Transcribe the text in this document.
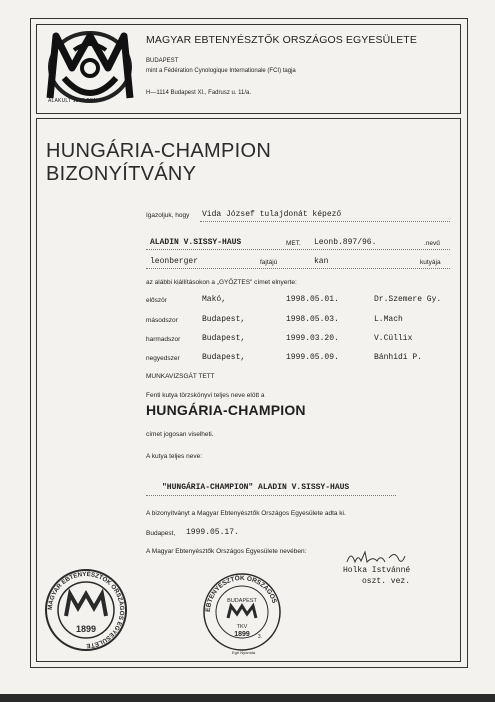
ALAKULT 1899-BEN
MAGYAR EBTENYÉSZTŐK ORSZÁGOS EGYESÜLETE
BUDAPEST
mint a Fédération Cynologique Internationale (FCI) tagja
H—1114 Budapest XI., Fadrusz u. 11/a.
HUNGÁRIA-CHAMPION
BIZONYÍTVÁNY
Igazoljuk, hogy Vida József tulajdonát képező
ALADIN V.SISSY-HAUS	MET. Leonb.897/96.	.nevű
leonberger	fajtájú	kan	kutyája
az alábbi kiállításokon a „GYŐZTES" címet elnyerte:
először	Makó,	1998.05.01.	Dr.Szemere Gy.
másodszor	Budapest,	1998.05.03.	L.Mach
harmadszor	Budapest,	1999.03.20.	V.Cüllix
negyedszer	Budapest,	1999.05.09.	Bánhidi P.
MUNKAVIZSGÁT TETT
Fenti kutya törzskönyvi teljes neve elött a
HUNGÁRIA-CHAMPION
címet jogosan viselheti.
A kutya teljes neve:
"HUNGÁRIA-CHAMPION" ALADIN V.SISSY-HAUS
A bizonyítványt a Magyar Ebtenyésztők Országos Egyesülete adta ki.
Budapest, 1999.05.17.
A Magyar Ebtenyésztők Országos Egyesülete nevében:
Holka Istvánné
oszt. vez.
MAGYAR EBTENYÉSZTŐK ORSZÁGOS EGYESÜLETE
1899
EBTENYÉSZTŐK ORSZÁGOS
BUDAPEST
TKV
1899 3.
Egri Nyomda
